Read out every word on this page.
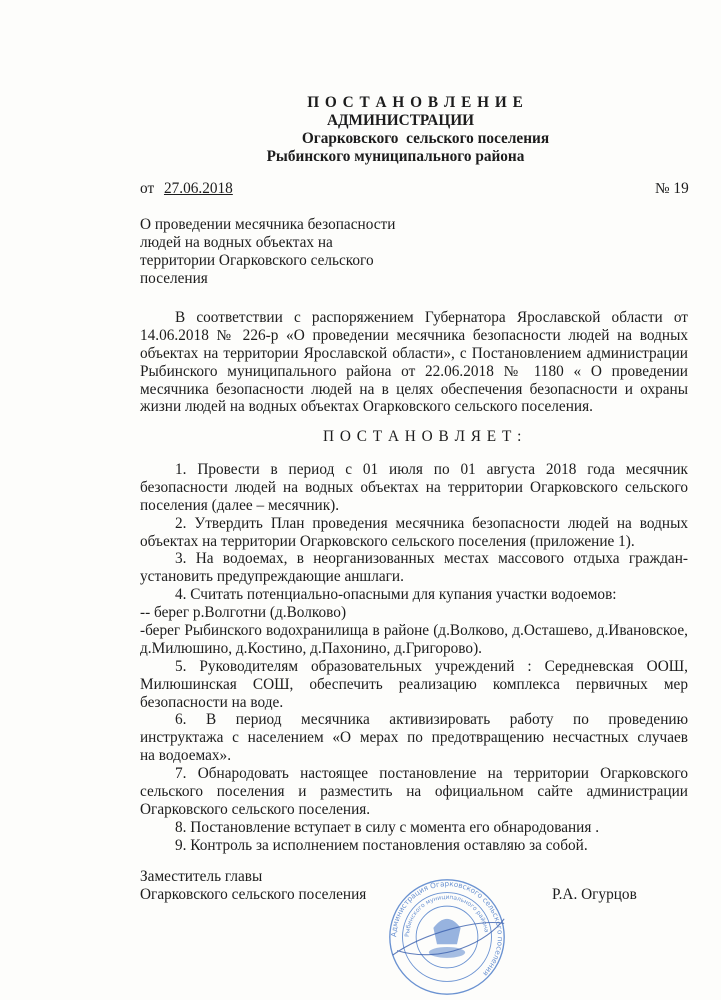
П О С Т А Н О В Л Е Н И Е
АДМИНИСТРАЦИИ
Огарковского  сельского поселения
Рыбинского муниципального района
от 27.06.2018	№ 19
О проведении месячника безопасности
людей на водных объектах на
территории Огарковского сельского
поселения
В соответствии с распоряжением Губернатора Ярославской области от
14.06.2018 № 226-р «О проведении месячника безопасности людей на водных
объектах на территории Ярославской области», с Постановлением администрации
Рыбинского муниципального района от 22.06.2018 № 1180 « О проведении
месячника безопасности людей на в целях обеспечения безопасности и охраны
жизни людей на водных объектах Огарковского сельского поселения.
П О С Т А Н О В Л Я Е Т :
1. Провести в период с 01 июля по 01 августа 2018 года месячник
безопасности людей на водных объектах на территории Огарковского сельского
поселения (далее – месячник).
2. Утвердить План проведения месячника безопасности людей на водных
объектах на территории Огарковского сельского поселения (приложение 1).
3. На водоемах, в неорганизованных местах массового отдыха граждан-
установить предупреждающие аншлаги.
4. Считать потенциально-опасными для купания участки водоемов:
-- берег р.Волготни (д.Волково)
-берег Рыбинского водохранилища в районе (д.Волково, д.Осташево, д.Ивановское,
д.Милюшино, д.Костино, д.Пахонино, д.Григорово).
5. Руководителям образовательных учреждений : Середневская ООШ,
Милюшинская СОШ, обеспечить реализацию комплекса первичных мер
безопасности на воде.
6. В период месячника активизировать работу по проведению
инструктажа с населением «О мерах по предотвращению несчастных случаев
на водоемах».
7. Обнародовать настоящее постановление на территории Огарковского
сельского поселения и разместить на официальном сайте администрации
Огарковского сельского поселения.
8. Постановление вступает в силу с момента его обнародования .
9. Контроль за исполнением постановления оставляю за собой.
Заместитель главы
Огарковского сельского поселения	Р.А. Огурцов
Администрация Огарковского сельского поселения
Рыбинского муниципального района
